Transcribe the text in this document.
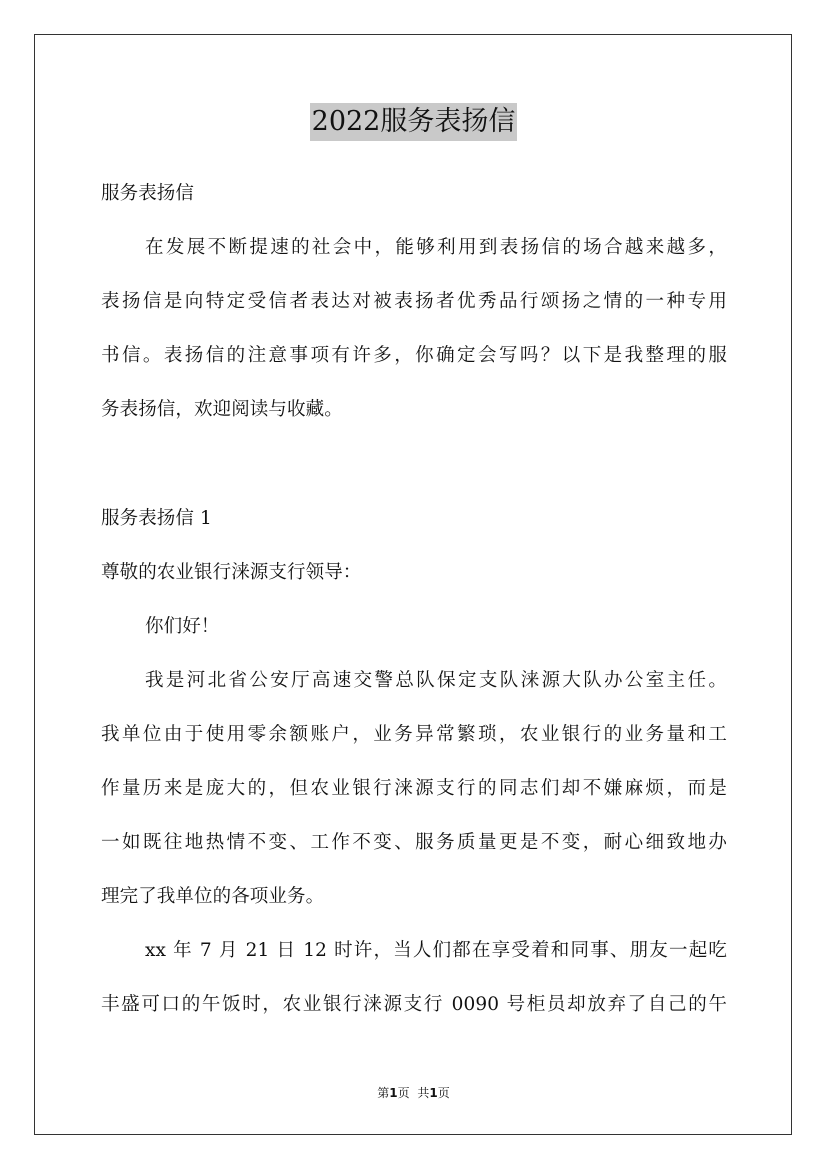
2022服务表扬信
服务表扬信
在发展不断提速的社会中，能够利用到表扬信的场合越来越多，
表扬信是向特定受信者表达对被表扬者优秀品行颂扬之情的一种专用
书信。表扬信的注意事项有许多，你确定会写吗？以下是我整理的服
务表扬信，欢迎阅读与收藏。
服务表扬信 1
尊敬的农业银行涞源支行领导：
你们好！
我是河北省公安厅高速交警总队保定支队涞源大队办公室主任。
我单位由于使用零余额账户，业务异常繁琐，农业银行的业务量和工
作量历来是庞大的，但农业银行涞源支行的同志们却不嫌麻烦，而是
一如既往地热情不变、工作不变、服务质量更是不变，耐心细致地办
理完了我单位的各项业务。
xx 年 7 月 21 日 12 时许，当人们都在享受着和同事、朋友一起吃
丰盛可口的午饭时，农业银行涞源支行 0090 号柜员却放弃了自己的午
第1页 共1页
